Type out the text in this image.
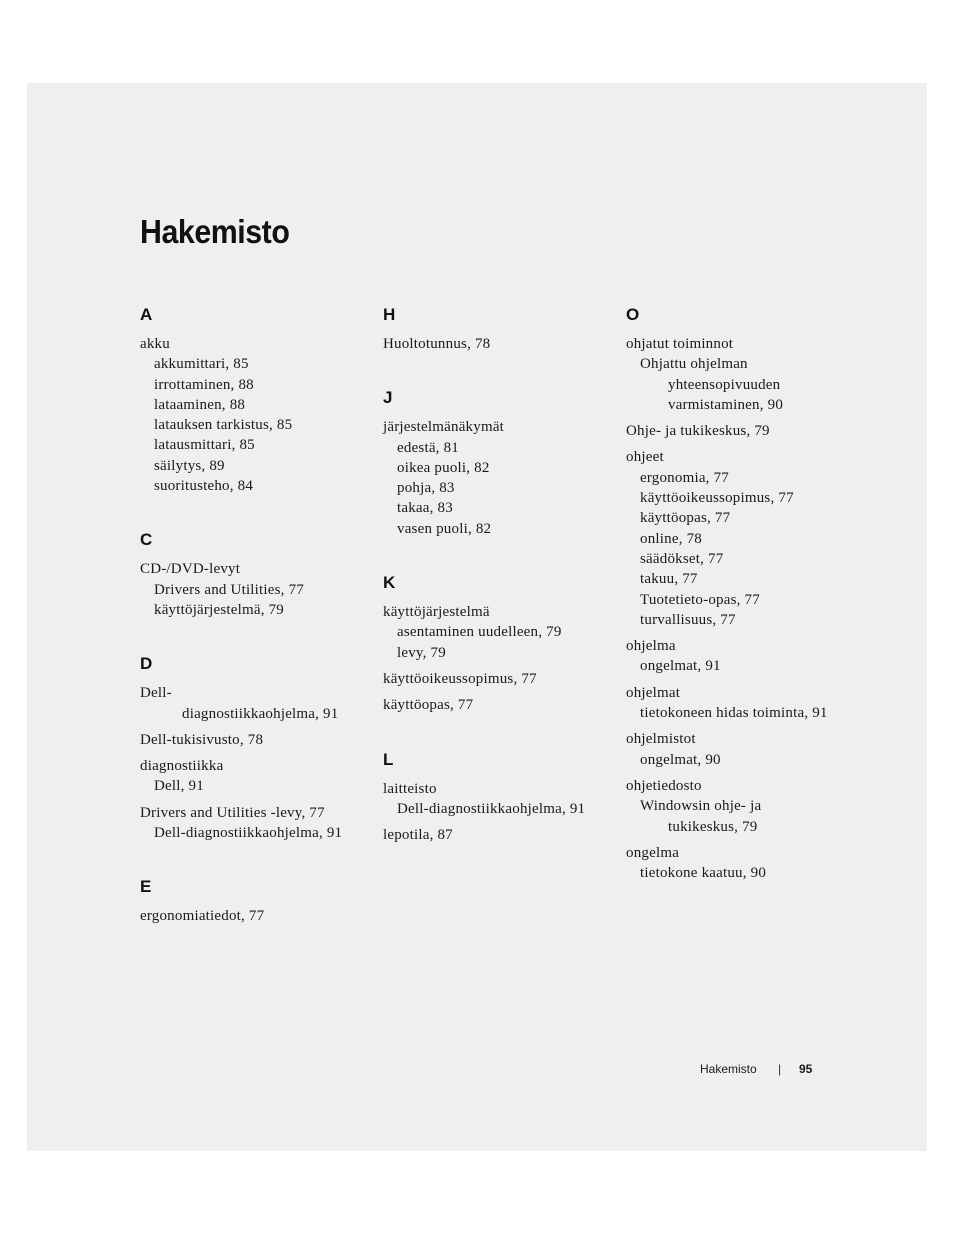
Hakemisto
A
akku
akkumittari, 85
irrottaminen, 88
lataaminen, 88
latauksen tarkistus, 85
latausmittari, 85
säilytys, 89
suoritusteho, 84
C
CD-/DVD-levyt
Drivers and Utilities, 77
käyttöjärjestelmä, 79
D
Dell-
diagnostiikkaohjelma, 91
Dell-tukisivusto, 78
diagnostiikka
Dell, 91
Drivers and Utilities -levy, 77
Dell-diagnostiikkaohjelma, 91
E
ergonomiatiedot, 77
H
Huoltotunnus, 78
J
järjestelmänäkymät
edestä, 81
oikea puoli, 82
pohja, 83
takaa, 83
vasen puoli, 82
K
käyttöjärjestelmä
asentaminen uudelleen, 79
levy, 79
käyttöoikeussopimus, 77
käyttöopas, 77
L
laitteisto
Dell-diagnostiikkaohjelma, 91
lepotila, 87
O
ohjatut toiminnot
Ohjattu ohjelman
yhteensopivuuden
varmistaminen, 90
Ohje- ja tukikeskus, 79
ohjeet
ergonomia, 77
käyttöoikeussopimus, 77
käyttöopas, 77
online, 78
säädökset, 77
takuu, 77
Tuotetieto-opas, 77
turvallisuus, 77
ohjelma
ongelmat, 91
ohjelmat
tietokoneen hidas toiminta, 91
ohjelmistot
ongelmat, 90
ohjetiedosto
Windowsin ohje- ja
tukikeskus, 79
ongelma
tietokone kaatuu, 90
Hakemisto | 95
